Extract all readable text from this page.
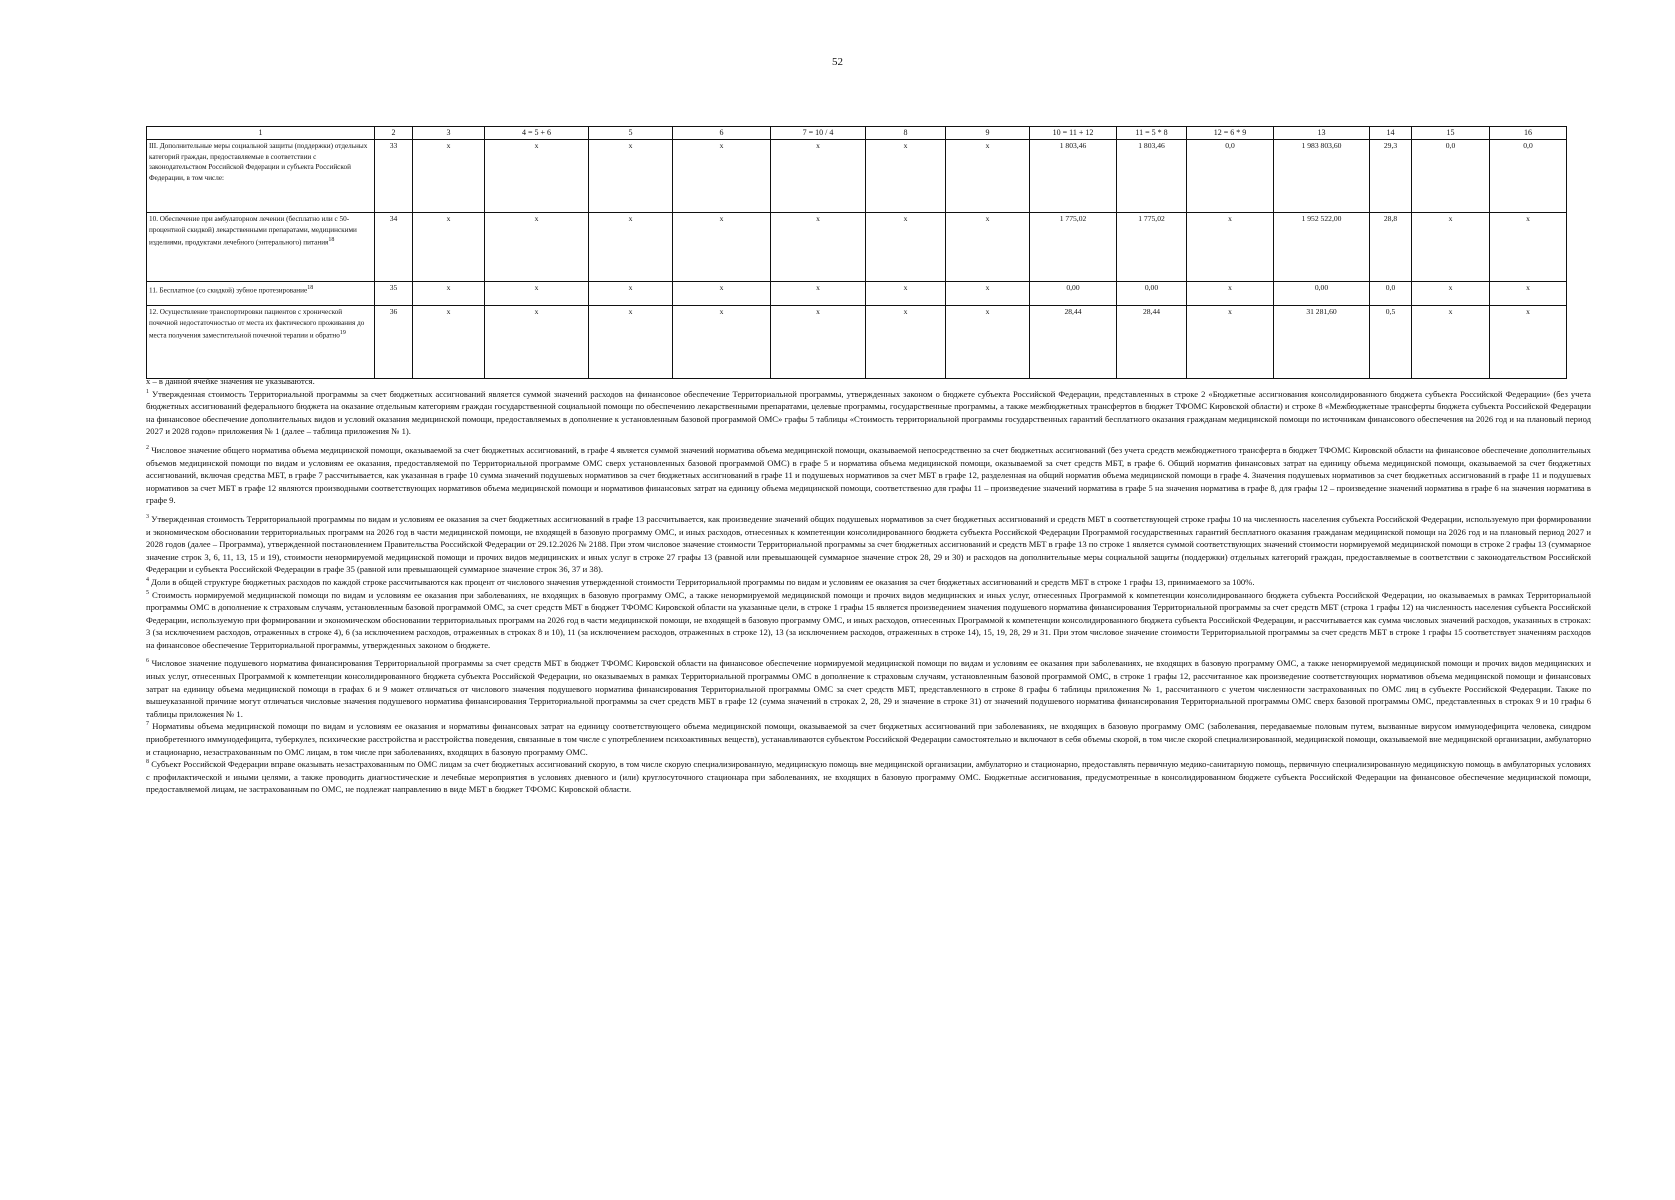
52
1	2	3	4 = 5 + 6	5	6	7 = 10 / 4	8	9	10 = 11 + 12	11 = 5 * 8	12 = 6 * 9	13	14	15	16
III. Дополнительные меры социальной защиты (поддержки) отдельных категорий граждан, предоставляемые в соответствии с законодательством Российской Федерации и субъекта Российской Федерации, в том числе:	33	x	x	x	x	x	x	x	1 803,46	1 803,46	0,0	1 983 803,60	29,3	0,0	0,0
10. Обеспечение при амбулаторном лечении (бесплатно или с 50-процентной скидкой) лекарственными препаратами, медицинскими изделиями, продуктами лечебного (энтерального) питания$^{18}$	34	x	x	x	x	x	x	x	1 775,02	1 775,02	x	1 952 522,00	28,8	x	x
11. Бесплатное (со скидкой) зубное протезирование$^{18}$	35	x	x	x	x	x	x	x	0,00	0,00	x	0,00	0,0	x	x
12. Осуществление транспортировки пациентов с хронической почечной недостаточностью от места их фактического проживания до места получения заместительной почечной терапии и обратно$^{19}$	36	x	x	x	x	x	x	x	28,44	28,44	x	31 281,60	0,5	x	x

х – в данной ячейке значения не указываются.

$^1$ Утвержденная стоимость Территориальной программы за счет бюджетных ассигнований является суммой значений расходов на финансовое обеспечение Территориальной программы, утвержденных законом о бюджете субъекта Российской Федерации, представленных в строке 2 «Бюджетные ассигнования консолидированного бюджета субъекта Российской Федерации» (без учета бюджетных ассигнований федерального бюджета на оказание отдельным категориям граждан государственной социальной помощи по обеспечению лекарственными препаратами, целевые программы, государственные программы, а также межбюджетных трансфертов в бюджет ТФОМС Кировской области) и строке 8 «Межбюджетные трансферты бюджета субъекта Российской Федерации на финансовое обеспечение дополнительных видов и условий оказания медицинской помощи, предоставляемых в дополнение к установленным базовой программой ОМС» графы 5 таблицы «Стоимость территориальной программы государственных гарантий бесплатного оказания гражданам медицинской помощи по источникам финансового обеспечения на 2026 год и на плановый период 2027 и 2028 годов» приложения № 1 (далее – таблица приложения № 1).

$^2$ Числовое значение общего норматива объема медицинской помощи, оказываемой за счет бюджетных ассигнований, в графе 4 является суммой значений норматива объема медицинской помощи, оказываемой непосредственно за счет бюджетных ассигнований (без учета средств межбюджетного трансферта в бюджет ТФОМС Кировской области на финансовое обеспечение дополнительных объемов медицинской помощи по видам и условиям ее оказания, предоставляемой по Территориальной программе ОМС сверх установленных базовой программой ОМС) в графе 5 и норматива объема медицинской помощи, оказываемой за счет средств МБТ, в графе 6. Общий норматив финансовых затрат на единицу объема медицинской помощи, оказываемой за счет бюджетных ассигнований, включая средства МБТ, в графе 7 рассчитывается, как указанная в графе 10 сумма значений подушевых нормативов за счет бюджетных ассигнований в графе 11 и подушевых нормативов за счет МБТ в графе 12, разделенная на общий норматив объема медицинской помощи в графе 4. Значения подушевых нормативов за счет бюджетных ассигнований в графе 11 и подушевых нормативов за счет МБТ в графе 12 являются производными соответствующих нормативов объема медицинской помощи и нормативов финансовых затрат на единицу объема медицинской помощи, соответственно для графы 11 – произведение значений норматива в графе 5 на значения норматива в графе 8, для графы 12 – произведение значений норматива в графе 6 на значения норматива в графе 9.

$^3$ Утвержденная стоимость Территориальной программы по видам и условиям ее оказания за счет бюджетных ассигнований в графе 13 рассчитывается, как произведение значений общих подушевых нормативов за счет бюджетных ассигнований и средств МБТ в соответствующей строке графы 10 на численность населения субъекта Российской Федерации, используемую при формировании и экономическом обосновании территориальных программ на 2026 год в части медицинской помощи, не входящей в базовую программу ОМС, и иных расходов, отнесенных к компетенции консолидированного бюджета субъекта Российской Федерации Программой государственных гарантий бесплатного оказания гражданам медицинской помощи на 2026 год и на плановый период 2027 и 2028 годов (далее – Программа), утвержденной постановлением Правительства Российской Федерации от 29.12.2026 № 2188. При этом числовое значение стоимости Территориальной программы за счет бюджетных ассигнований и средств МБТ в графе 13 по строке 1 является суммой соответствующих значений стоимости нормируемой медицинской помощи в строке 2 графы 13 (суммарное значение строк 3, 6, 11, 13, 15 и 19), стоимости ненормируемой медицинской помощи и прочих видов медицинских и иных услуг в строке 27 графы 13 (равной или превышающей суммарное значение строк 28, 29 и 30) и расходов на дополнительные меры социальной защиты (поддержки) отдельных категорий граждан, предоставляемые в соответствии с законодательством Российской Федерации и субъекта Российской Федерации в графе 35 (равной или превышающей суммарное значение строк 36, 37 и 38).

$^4$ Доли в общей структуре бюджетных расходов по каждой строке рассчитываются как процент от числового значения утвержденной стоимости Территориальной программы по видам и условиям ее оказания за счет бюджетных ассигнований и средств МБТ в строке 1 графы 13, принимаемого за 100%.

$^5$ Стоимость нормируемой медицинской помощи по видам и условиям ее оказания при заболеваниях, не входящих в базовую программу ОМС, а также ненормируемой медицинской помощи и прочих видов медицинских и иных услуг, отнесенных Программой к компетенции консолидированного бюджета субъекта Российской Федерации, но оказываемых в рамках Территориальной программы ОМС в дополнение к страховым случаям, установленным базовой программой ОМС, за счет средств МБТ в бюджет ТФОМС Кировской области на указанные цели, в строке 1 графы 15 является произведением значения подушевого норматива финансирования Территориальной программы за счет средств МБТ (строка 1 графы 12) на численность населения субъекта Российской Федерации, используемую при формировании и экономическом обосновании территориальных программ на 2026 год в части медицинской помощи, не входящей в базовую программу ОМС, и иных расходов, отнесенных Программой к компетенции консолидированного бюджета субъекта Российской Федерации, и рассчитывается как сумма числовых значений расходов, указанных в строках: 3 (за исключением расходов, отраженных в строке 4), 6 (за исключением расходов, отраженных в строках 8 и 10), 11 (за исключением расходов, отраженных в строке 12), 13 (за исключением расходов, отраженных в строке 14), 15, 19, 28, 29 и 31. При этом числовое значение стоимости Территориальной программы за счет средств МБТ в строке 1 графы 15 соответствует значениям расходов на финансовое обеспечение Территориальной программы, утвержденных законом о бюджете.

$^6$ Числовое значение подушевого норматива финансирования Территориальной программы за счет средств МБТ в бюджет ТФОМС Кировской области на финансовое обеспечение нормируемой медицинской помощи по видам и условиям ее оказания при заболеваниях, не входящих в базовую программу ОМС, а также ненормируемой медицинской помощи и прочих видов медицинских и иных услуг, отнесенных Программой к компетенции консолидированного бюджета субъекта Российской Федерации, но оказываемых в рамках Территориальной программы ОМС в дополнение к страховым случаям, установленным базовой программой ОМС, в строке 1 графы 12, рассчитанное как произведение соответствующих нормативов объема медицинской помощи и финансовых затрат на единицу объема медицинской помощи в графах 6 и 9 может отличаться от числового значения подушевого норматива финансирования Территориальной программы ОМС за счет средств МБТ, представленного в строке 8 графы 6 таблицы приложения № 1, рассчитанного с учетом численности застрахованных по ОМС лиц в субъекте Российской Федерации. Также по вышеуказанной причине могут отличаться числовые значения подушевого норматива финансирования Территориальной программы за счет средств МБТ в графе 12 (сумма значений в строках 2, 28, 29 и значение в строке 31) от значений подушевого норматива финансирования Территориальной программы ОМС сверх базовой программы ОМС, представленных в строках 9 и 10 графы 6 таблицы приложения № 1.

$^7$ Нормативы объема медицинской помощи по видам и условиям ее оказания и нормативы финансовых затрат на единицу соответствующего объема медицинской помощи, оказываемой за счет бюджетных ассигнований при заболеваниях, не входящих в базовую программу ОМС (заболевания, передаваемые половым путем, вызванные вирусом иммунодефицита человека, синдром приобретенного иммунодефицита, туберкулез, психические расстройства и расстройства поведения, связанные в том числе с употреблением психоактивных веществ), устанавливаются субъектом Российской Федерации самостоятельно и включают в себя объемы скорой, в том числе скорой специализированной, медицинской помощи, оказываемой вне медицинской организации, амбулаторно и стационарно, незастрахованным по ОМС лицам, в том числе при заболеваниях, входящих в базовую программу ОМС.

$^8$ Субъект Российской Федерации вправе оказывать незастрахованным по ОМС лицам за счет бюджетных ассигнований скорую, в том числе скорую специализированную, медицинскую помощь вне медицинской организации, амбулаторно и стационарно, предоставлять первичную медико-санитарную помощь, первичную специализированную медицинскую помощь в амбулаторных условиях с профилактической и иными целями, а также проводить диагностические и лечебные мероприятия в условиях дневного и (или) круглосуточного стационара при заболеваниях, не входящих в базовую программу ОМС. Бюджетные ассигнования, предусмотренные в консолидированном бюджете субъекта Российской Федерации на финансовое обеспечение медицинской помощи, предоставляемой лицам, не застрахованным по ОМС, не подлежат направлению в виде МБТ в бюджет ТФОМС Кировской области.
